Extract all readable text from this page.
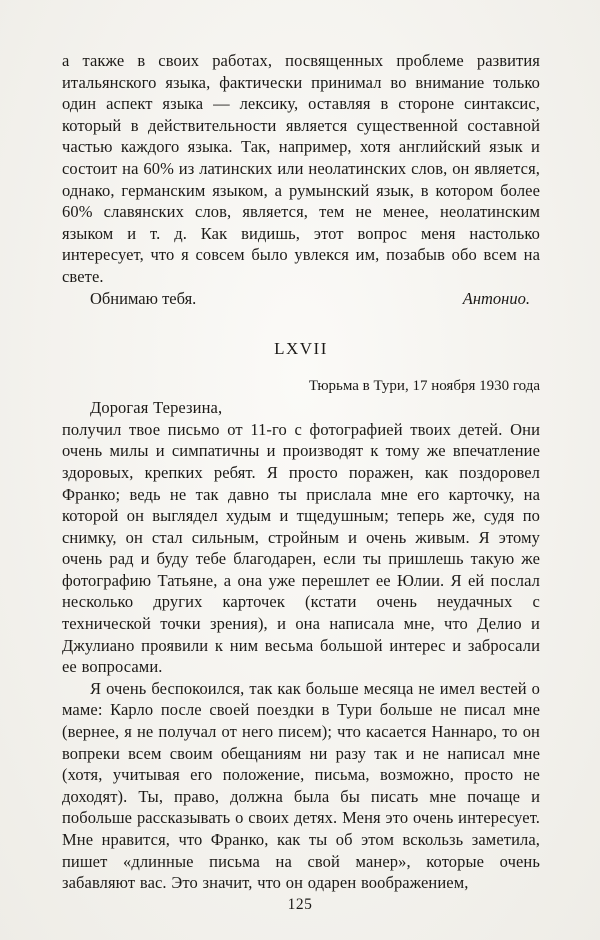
а также в своих работах, посвященных проблеме развития итальянского языка, фактически принимал во внимание только один аспект языка — лексику, оставляя в стороне синтаксис, который в действительности является существенной составной частью каждого языка. Так, например, хотя английский язык и состоит на 60% из латинских или неолатинских слов, он является, однако, германским языком, а румынский язык, в котором более 60% славянских слов, является, тем не менее, неолатинским языком и т. д. Как видишь, этот вопрос меня настолько интересует, что я совсем было увлекся им, позабыв обо всем на свете.

Обнимаю тебя.	Антонио.
LXVII
Тюрьма в Тури, 17 ноября 1930 года

Дорогая Терезина,

получил твое письмо от 11-го с фотографией твоих детей. Они очень милы и симпатичны и производят к тому же впечатление здоровых, крепких ребят. Я просто поражен, как поздоровел Франко; ведь не так давно ты прислала мне его карточку, на которой он выглядел худым и тщедушным; теперь же, судя по снимку, он стал сильным, стройным и очень живым. Я этому очень рад и буду тебе благодарен, если ты пришлешь такую же фотографию Татьяне, а она уже перешлет ее Юлии. Я ей послал несколько других карточек (кстати очень неудачных с технической точки зрения), и она написала мне, что Делио и Джулиано проявили к ним весьма большой интерес и забросали ее вопросами.

Я очень беспокоился, так как больше месяца не имел вестей о маме: Карло после своей поездки в Тури больше не писал мне (вернее, я не получал от него писем); что касается Наннаро, то он вопреки всем своим обещаниям ни разу так и не написал мне (хотя, учитывая его положение, письма, возможно, просто не доходят). Ты, право, должна была бы писать мне почаще и побольше рассказывать о своих детях. Меня это очень интересует. Мне нравится, что Франко, как ты об этом вскользь заметила, пишет «длинные письма на свой манер», которые очень забавляют вас. Это значит, что он одарен воображением,

125
